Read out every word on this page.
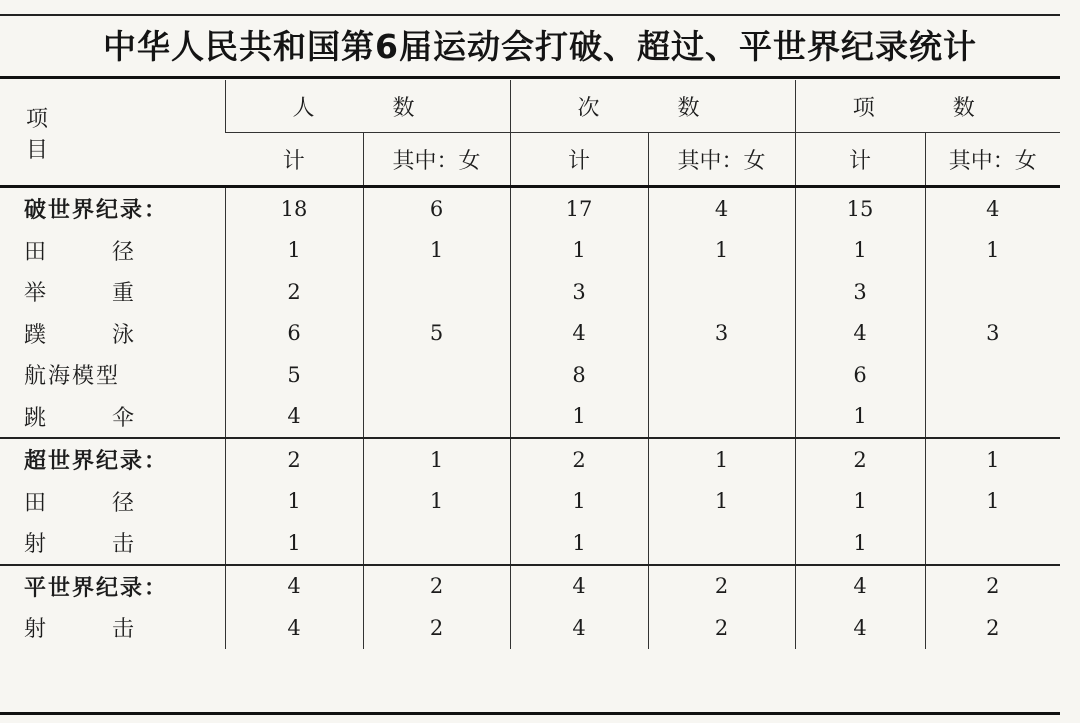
中华人民共和国第6届运动会打破、超过、平世界纪录统计
项目	人　数		次　数		项　数	
	计	其中：女	计	其中：女	计	其中：女
破世界纪录：	18	6	17	4	15	4

田 径	1	1	1	1	1	1

举 重	2		3		3	

蹼 泳	6	5	4	3	4	3
航海模型	5		8		6	

跳 伞	4		1		1	
超世界纪录：	2	1	2	1	2	1

田 径	1	1	1	1	1	1

射 击	1		1		1	
平世界纪录：	4	2	4	2	4	2

射 击	4	2	4	2	4	2
